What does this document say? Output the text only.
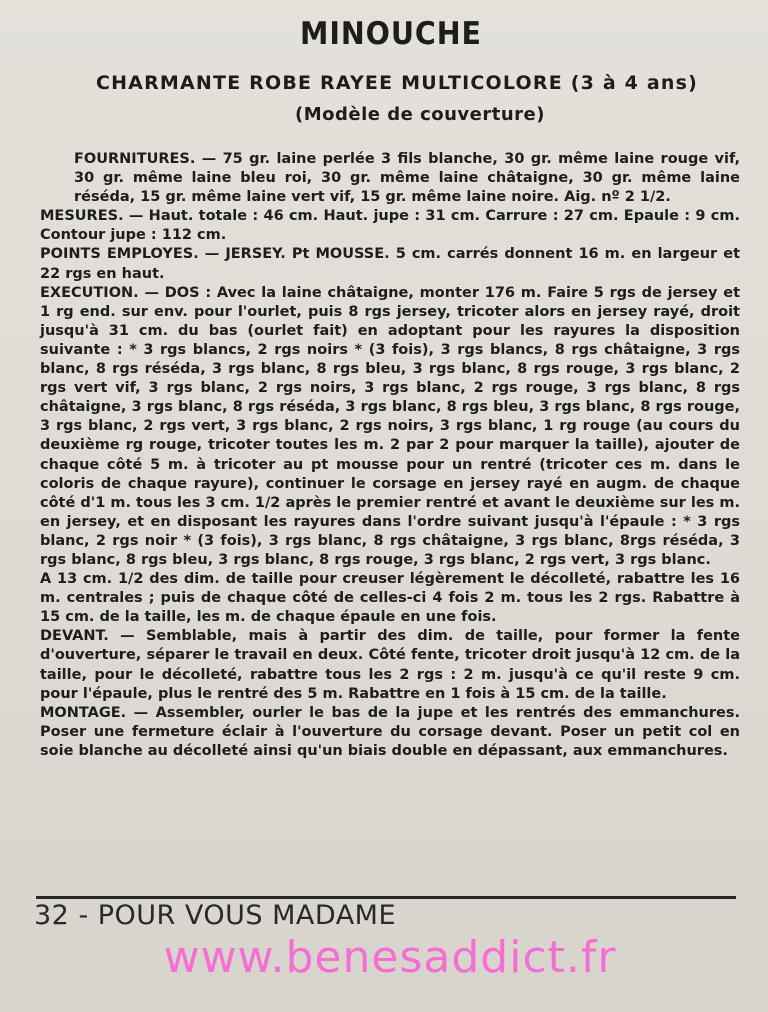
MINOUCHE
CHARMANTE ROBE RAYEE MULTICOLORE (3 à 4 ans)
(Modèle de couverture)

FOURNITURES. — 75 gr. laine perlée 3 fils blanche, 30 gr. même laine rouge vif, 30 gr. même laine bleu roi, 30 gr. même laine châtaigne, 30 gr. même laine réséda, 15 gr. même laine vert vif, 15 gr. même laine noire. Aig. nº 2 1/2.

MESURES. — Haut. totale : 46 cm. Haut. jupe : 31 cm. Carrure : 27 cm. Epaule : 9 cm. Contour jupe : 112 cm.

POINTS EMPLOYES. — JERSEY. Pt MOUSSE. 5 cm. carrés donnent 16 m. en largeur et 22 rgs en haut.

EXECUTION. — DOS : Avec la laine châtaigne, monter 176 m. Faire 5 rgs de jersey et 1 rg end. sur env. pour l'ourlet, puis 8 rgs jersey, tricoter alors en jersey rayé, droit jusqu'à 31 cm. du bas (ourlet fait) en adoptant pour les rayures la disposition suivante : * 3 rgs blancs, 2 rgs noirs * (3 fois), 3 rgs blancs, 8 rgs châtaigne, 3 rgs blanc, 8 rgs réséda, 3 rgs blanc, 8 rgs bleu, 3 rgs blanc, 8 rgs rouge, 3 rgs blanc, 2 rgs vert vif, 3 rgs blanc, 2 rgs noirs, 3 rgs blanc, 2 rgs rouge, 3 rgs blanc, 8 rgs châtaigne, 3 rgs blanc, 8 rgs réséda, 3 rgs blanc, 8 rgs bleu, 3 rgs blanc, 8 rgs rouge, 3 rgs blanc, 2 rgs vert, 3 rgs blanc, 2 rgs noirs, 3 rgs blanc, 1 rg rouge (au cours du deuxième rg rouge, tricoter toutes les m. 2 par 2 pour marquer la taille), ajouter de chaque côté 5 m. à tricoter au pt mousse pour un rentré (tricoter ces m. dans le coloris de chaque rayure), continuer le corsage en jersey rayé en augm. de chaque côté d'1 m. tous les 3 cm. 1/2 après le premier rentré et avant le deuxième sur les m. en jersey, et en disposant les rayures dans l'ordre suivant jusqu'à l'épaule : * 3 rgs blanc, 2 rgs noir * (3 fois), 3 rgs blanc, 8 rgs châtaigne, 3 rgs blanc, 8rgs réséda, 3 rgs blanc, 8 rgs bleu, 3 rgs blanc, 8 rgs rouge, 3 rgs blanc, 2 rgs vert, 3 rgs blanc.

A 13 cm. 1/2 des dim. de taille pour creuser légèrement le décolleté, rabattre les 16 m. centrales ; puis de chaque côté de celles-ci 4 fois 2 m. tous les 2 rgs. Rabattre à 15 cm. de la taille, les m. de chaque épaule en une fois.

DEVANT. — Semblable, mais à partir des dim. de taille, pour former la fente d'ouverture, séparer le travail en deux. Côté fente, tricoter droit jusqu'à 12 cm. de la taille, pour le décolleté, rabattre tous les 2 rgs : 2 m. jusqu'à ce qu'il reste 9 cm. pour l'épaule, plus le rentré des 5 m. Rabattre en 1 fois à 15 cm. de la taille.

MONTAGE. — Assembler, ourler le bas de la jupe et les rentrés des emmanchures. Poser une fermeture éclair à l'ouverture du corsage devant. Poser un petit col en soie blanche au décolleté ainsi qu'un biais double en dépassant, aux emmanchures.

32 - POUR VOUS MADAME
www.benesaddict.fr
